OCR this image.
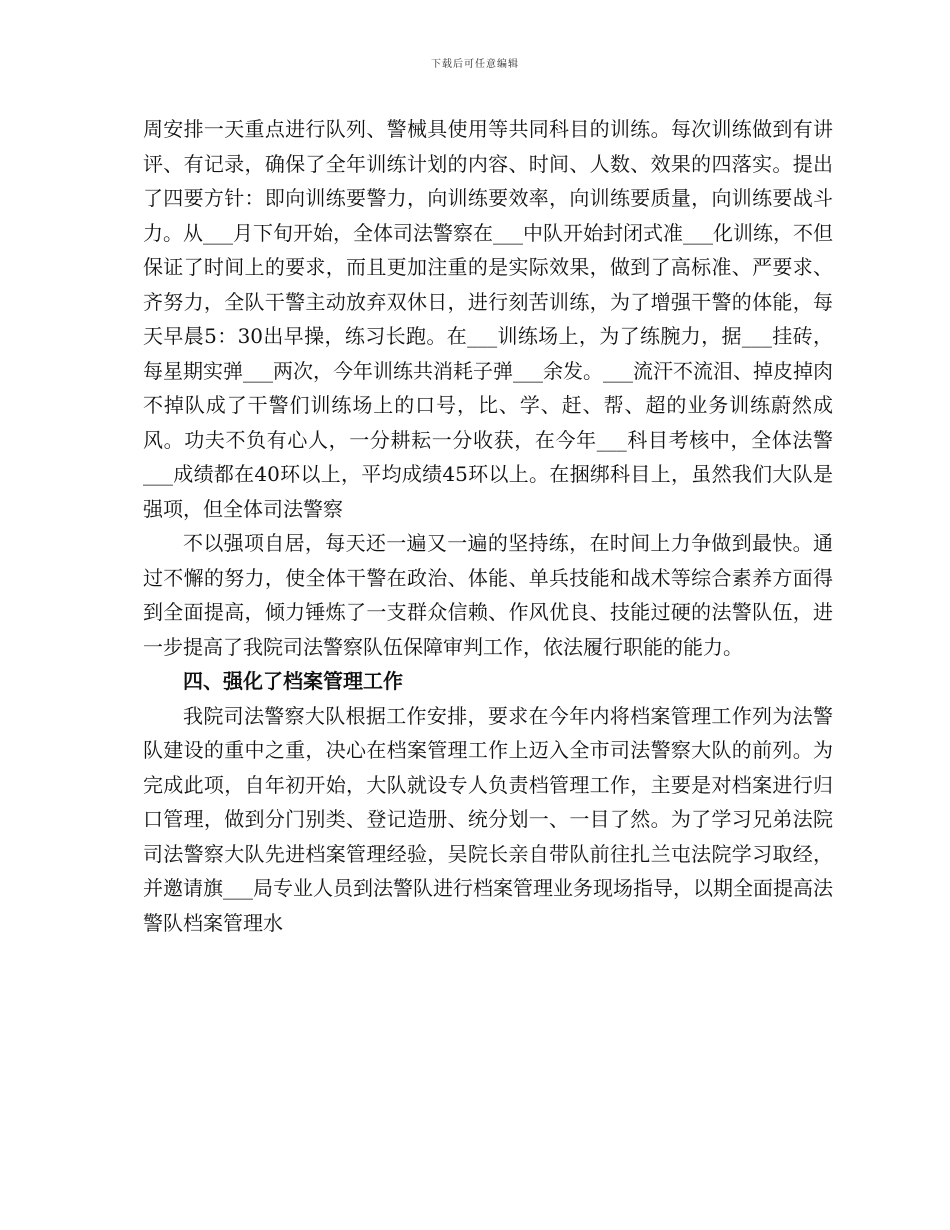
下载后可任意编辑

周安排一天重点进行队列、警械具使用等共同科目的训练。每次训练做到有讲评、有记录，确保了全年训练计划的内容、时间、人数、效果的四落实。提出了四要方针：即向训练要警力，向训练要效率，向训练要质量，向训练要战斗力。从___月下旬开始，全体司法警察在___中队开始封闭式准___化训练，不但保证了时间上的要求，而且更加注重的是实际效果，做到了高标准、严要求、齐努力，全队干警主动放弃双休日，进行刻苦训练，为了增强干警的体能，每天早晨5：30出早操，练习长跑。在___训练场上，为了练腕力，据___挂砖，每星期实弹___两次，今年训练共消耗子弹___余发。___流汗不流泪、掉皮掉肉不掉队成了干警们训练场上的口号，比、学、赶、帮、超的业务训练蔚然成风。功夫不负有心人，一分耕耘一分收获，在今年___科目考核中，全体法警___成绩都在40环以上，平均成绩45环以上。在捆绑科目上，虽然我们大队是强项，但全体司法警察

不以强项自居，每天还一遍又一遍的坚持练，在时间上力争做到最快。通过不懈的努力，使全体干警在政治、体能、单兵技能和战术等综合素养方面得到全面提高，倾力锤炼了一支群众信赖、作风优良、技能过硬的法警队伍，进一步提高了我院司法警察队伍保障审判工作，依法履行职能的能力。

四、强化了档案管理工作

我院司法警察大队根据工作安排，要求在今年内将档案管理工作列为法警队建设的重中之重，决心在档案管理工作上迈入全市司法警察大队的前列。为完成此项，自年初开始，大队就设专人负责档管理工作，主要是对档案进行归口管理，做到分门别类、登记造册、统分划一、一目了然。为了学习兄弟法院司法警察大队先进档案管理经验，吴院长亲自带队前往扎兰屯法院学习取经，并邀请旗___局专业人员到法警队进行档案管理业务现场指导，以期全面提高法警队档案管理水
